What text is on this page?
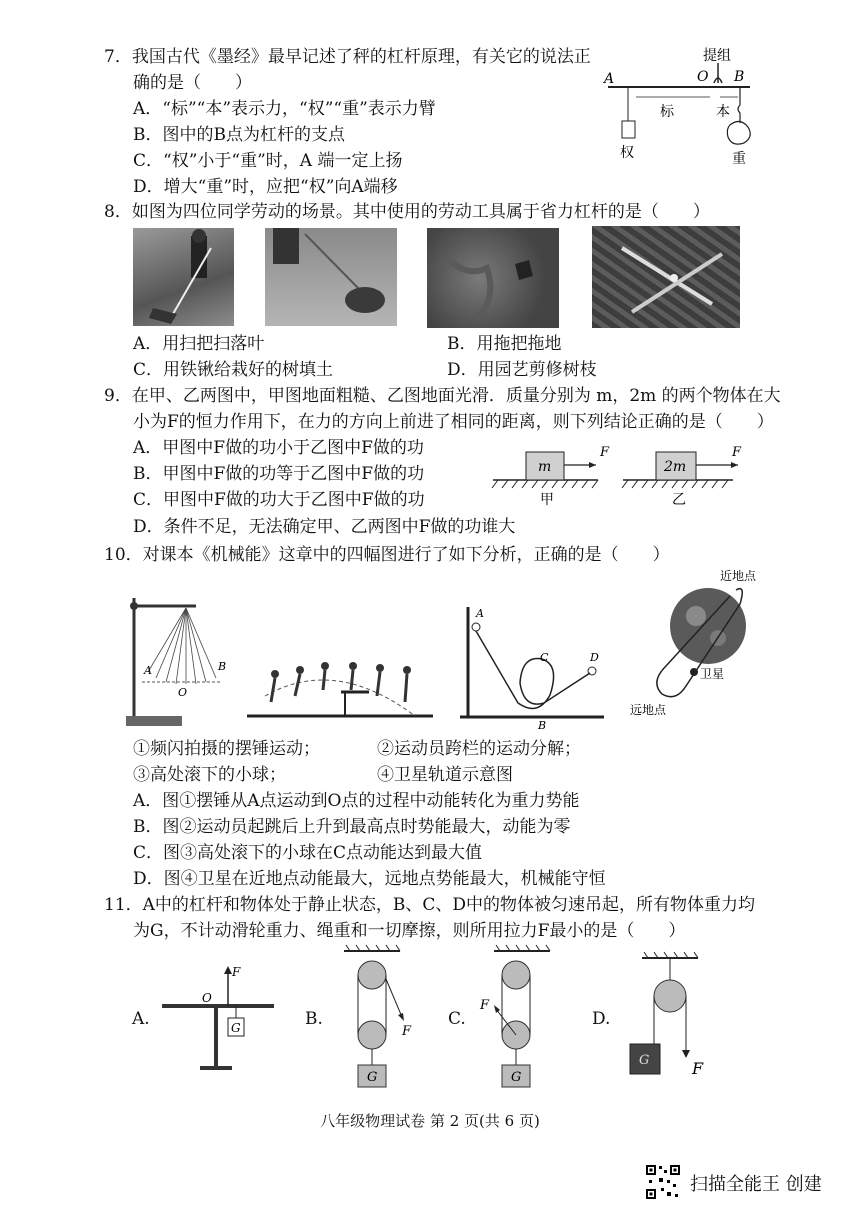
7．我国古代《墨经》最早记述了秤的杠杆原理，有关它的说法正
确的是（　　）
A．“标”“本”表示力，“权”“重”表示力臂
B．图中的B点为杠杆的支点
C．“权”小于“重”时，A 端一定上扬
D．增大“重”时，应把“权”向A端移
提组
A	O B
权
标	本
重
8．如图为四位同学劳动的场景。其中使用的劳动工具属于省力杠杆的是（　　）
A．用扫把扫落叶	B．用拖把拖地
C．用铁锹给栽好的树填土	D．用园艺剪修树枝
9．在甲、乙两图中，甲图地面粗糙、乙图地面光滑．质量分别为 m，2m 的两个物体在大
小为F的恒力作用下，在力的方向上前进了相同的距离，则下列结论正确的是（　　）
A．甲图中F做的功小于乙图中F做的功
B．甲图中F做的功等于乙图中F做的功
C．甲图中F做的功大于乙图中F做的功
D．条件不足，无法确定甲、乙两图中F做的功谁大
m
F
甲
2m
F
乙
10．对课本《机械能》这章中的四幅图进行了如下分析，正确的是（　　）
A	B
O
A
C	D
B
近地点
卫星
远地点
①频闪拍摄的摆锤运动；	②运动员跨栏的运动分解；
③高处滚下的小球；	④卫星轨道示意图
A．图①摆锤从A点运动到O点的过程中动能转化为重力势能
B．图②运动员起跳后上升到最高点时势能最大，动能为零
C．图③高处滚下的小球在C点动能达到最大值
D．图④卫星在近地点动能最大，远地点势能最大，机械能守恒
11．A中的杠杆和物体处于静止状态，B、C、D中的物体被匀速吊起，所有物体重力均
为G，不计动滑轮重力、绳重和一切摩擦，则所用拉力F最小的是（　　）
A.
F
O
G	B.
F
G
C.
F
G
D.
G	F
八年级物理试卷 第 2 页(共 6 页)
扫描全能王 创建
